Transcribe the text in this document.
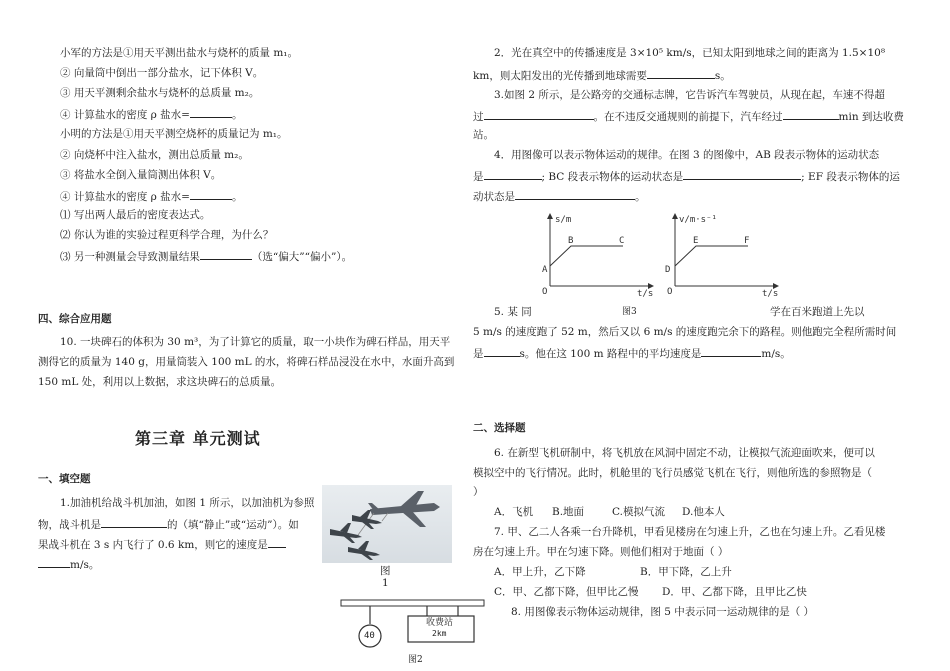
小军的方法是①用天平测出盐水与烧杯的质量 m₁。
② 向量筒中倒出一部分盐水，记下体积 V。
③ 用天平测剩余盐水与烧杯的总质量 m₂。
④ 计算盐水的密度 ρ 盐水=	。
小明的方法是①用天平测空烧杯的质量记为 m₁。
② 向烧杯中注入盐水，测出总质量 m₂。
③ 将盐水全倒入量筒测出体积 V。
④ 计算盐水的密度 ρ 盐水=	。
⑴ 写出两人最后的密度表达式。
⑵ 你认为谁的实验过程更科学合理，为什么？
⑶ 另一种测量会导致测量结果	（选“偏大”“偏小”）。
四、综合应用题
10. 一块碑石的体积为 30 m³，为了计算它的质量，取一小块作为碑石样品，用天平
测得它的质量为 140 g，用量筒装入 100 mL 的水，将碑石样品浸没在水中，水面升高到
150 mL 处，利用以上数据，求这块碑石的总质量。
第三章 单元测试
一、填空题
1.加油机给战斗机加油，如图 1 所示，以加油机为参照
物，战斗机是	的（填“静止”或“运动”）。如
果战斗机在 3 s 内飞行了 0.6 km，则它的速度是
m/s。	图
1
40
收费站
2km
图2
2．光在真空中的传播速度是 3×10⁵ km/s，已知太阳到地球之间的距离为 1.5×10⁸
km，则太阳发出的光传播到地球需要	s。
3.如图 2 所示，是公路旁的交通标志牌，它告诉汽车驾驶员，从现在起，车速不得超
过	。在不违反交通规则的前提下，汽车经过	min 到达收费
站。
4．用图像可以表示物体运动的规律。在图 3 的图像中，AB 段表示物体的运动状态
是	; BC 段表示物体的运动状态是	; EF 段表示物体的运
动状态是	。
s/m
t/s
A
B	C
O
v/m·s⁻¹
t/s
D
E	F
O
5. 某 同	图3	学在百米跑道上先以
5 m/s 的速度跑了 52 m，然后又以 6 m/s 的速度跑完余下的路程。则他跑完全程所需时间
是	s。他在这 100 m 路程中的平均速度是	m/s。
二、选择题
6. 在新型飞机研制中，将飞机放在风洞中固定不动，让模拟气流迎面吹来，便可以
模拟空中的飞行情况。此时，机舱里的飞行员感觉飞机在飞行，则他所选的参照物是（
）
A．飞机 B.地面	C.模拟气流 D.他本人
7. 甲、乙二人各乘一台升降机，甲看见楼房在匀速上升，乙也在匀速上升。乙看见楼
房在匀速上升。甲在匀速下降。则他们相对于地面（ ）
A．甲上升，乙下降	B．甲下降，乙上升
C．甲、乙都下降，但甲比乙慢 D．甲、乙都下降，且甲比乙快
8. 用图像表示物体运动规律，图 5 中表示同一运动规律的是（ ）
